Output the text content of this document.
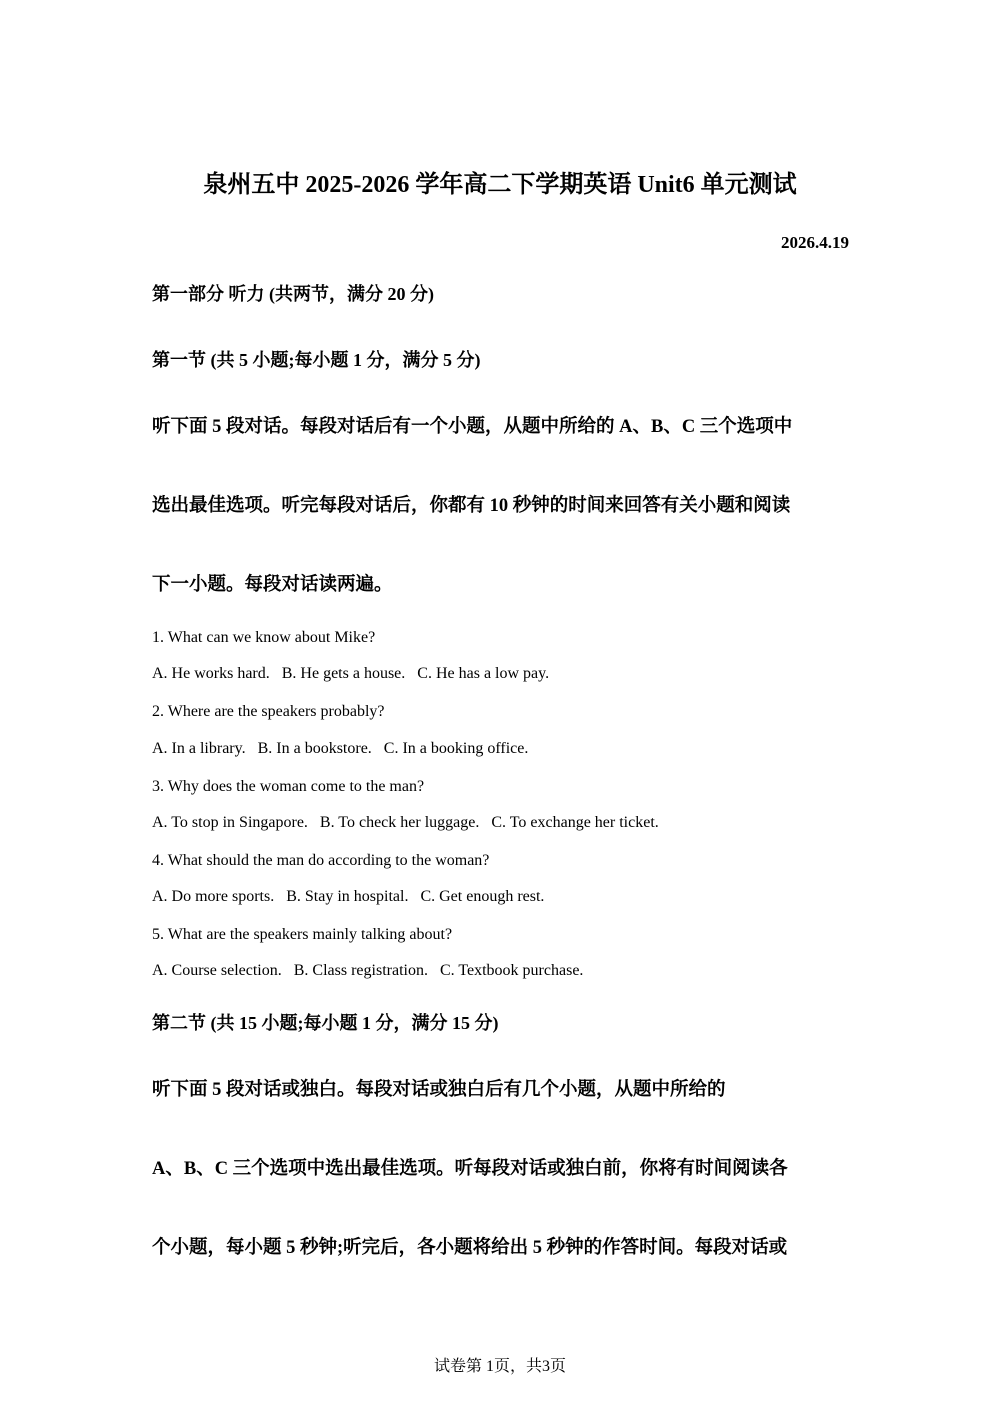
泉州五中 2025-2026 学年高二下学期英语 Unit6 单元测试
2026.4.19
第一部分 听力 (共两节，满分 20 分)
第一节 (共 5 小题;每小题 1 分，满分 5 分)
听下面 5 段对话。每段对话后有一个小题，从题中所给的 A、B、C 三个选项中
选出最佳选项。听完每段对话后，你都有 10 秒钟的时间来回答有关小题和阅读
下一小题。每段对话读两遍。
1. What can we know about Mike?
A. He works hard. B. He gets a house. C. He has a low pay.
2. Where are the speakers probably?
A. In a library. B. In a bookstore. C. In a booking office.
3. Why does the woman come to the man?
A. To stop in Singapore. B. To check her luggage. C. To exchange her ticket.
4. What should the man do according to the woman?
A. Do more sports. B. Stay in hospital. C. Get enough rest.
5. What are the speakers mainly talking about?
A. Course selection. B. Class registration. C. Textbook purchase.
第二节 (共 15 小题;每小题 1 分，满分 15 分)
听下面 5 段对话或独白。每段对话或独白后有几个小题，从题中所给的
A、B、C 三个选项中选出最佳选项。听每段对话或独白前，你将有时间阅读各
个小题，每小题 5 秒钟;听完后，各小题将给出 5 秒钟的作答时间。每段对话或
试卷第 1页，共3页
